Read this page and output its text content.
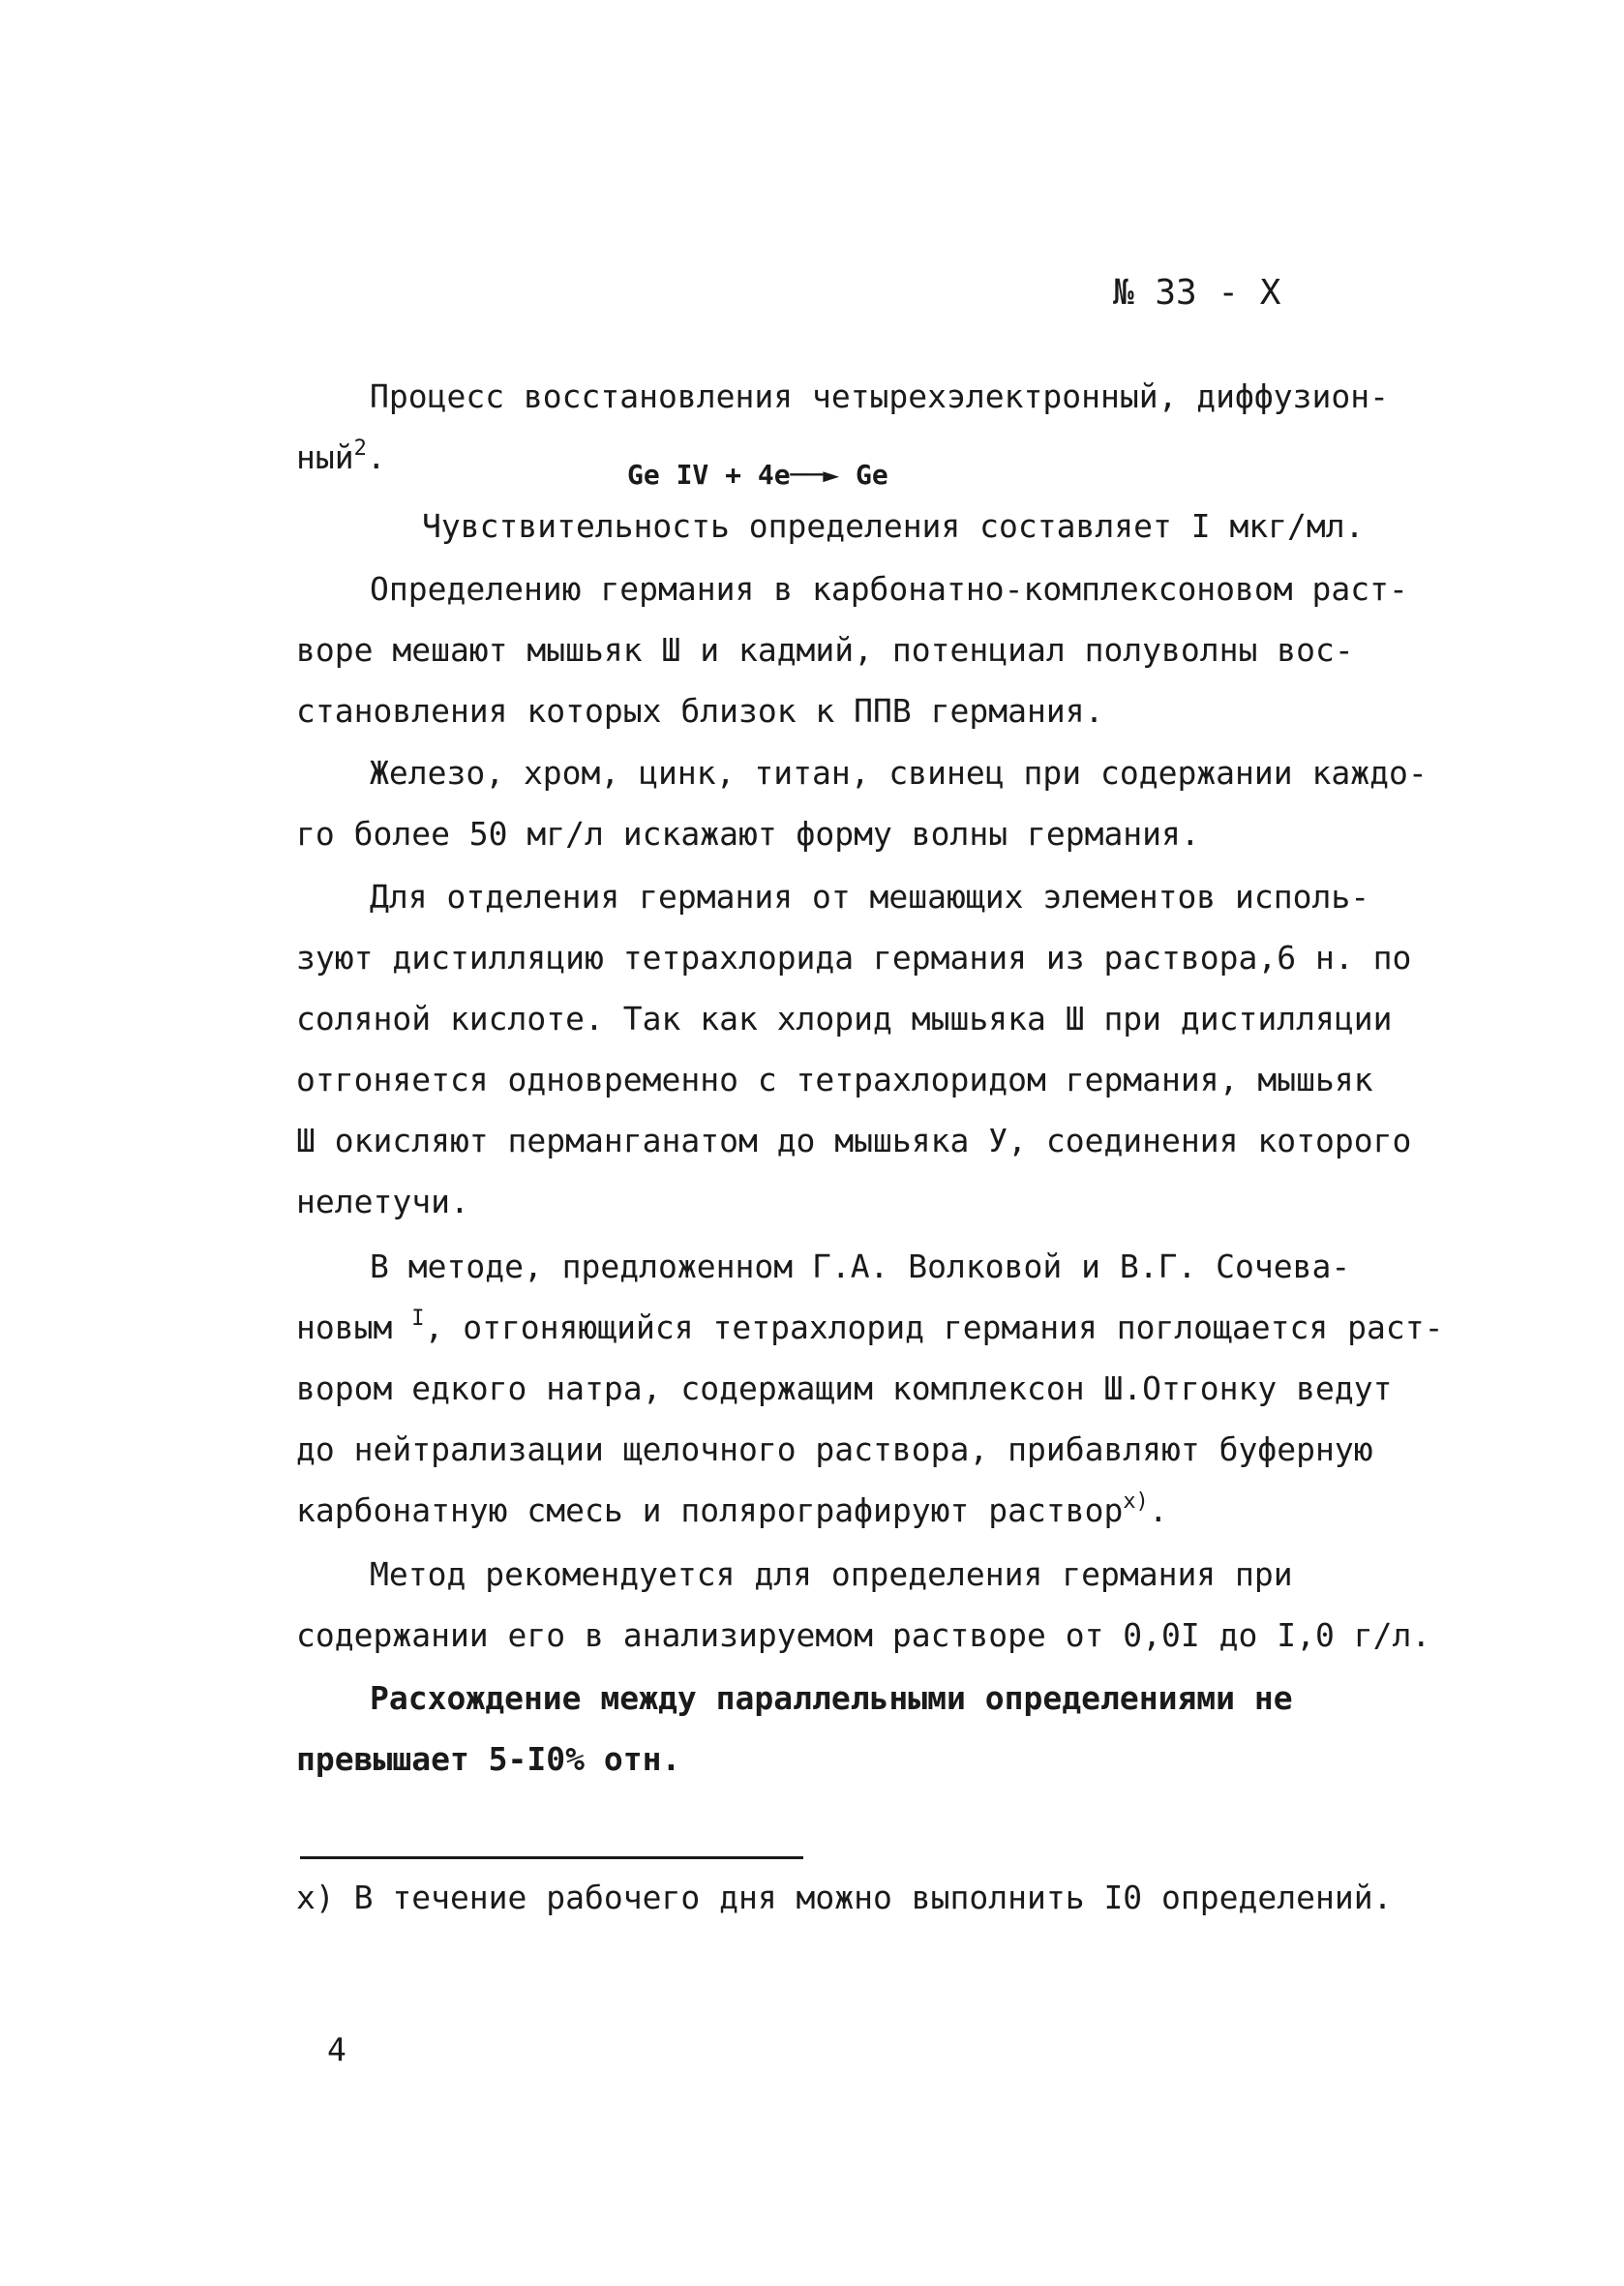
№ 33 - Х
Процесс восстановления четырехэлектронный, диффузион-
ный$^2$.	Ge IV + 4e──► Ge
Чувствительность определения составляет I мкг/мл.
Определению германия в карбонатно-комплексоновом раст-
воре мешают мышьяк Ш и кадмий, потенциал полуволны вос-
становления которых близок к ППВ германия.
Железо, хром, цинк, титан, свинец при содержании каждо-
го более 50 мг/л искажают форму волны германия.
Для отделения германия от мешающих элементов исполь-
зуют дистилляцию тетрахлорида германия из раствора,6 н. по
соляной кислоте. Так как хлорид мышьяка Ш при дистилляции
отгоняется одновременно с тетрахлоридом германия, мышьяк
Ш окисляют перманганатом до мышьяка У, соединения которого
нелетучи.
В методе, предложенном Г.А. Волковой и В.Г. Сочева-
новым $^I$, отгоняющийся тетрахлорид германия поглощается раст-
вором едкого натра, содержащим комплексон Ш.Отгонку ведут
до нейтрализации щелочного раствора, прибавляют буферную
карбонатную смесь и полярографируют раствор$^{х)}$.
Метод рекомендуется для определения германия при
содержании его в анализируемом растворе от 0,0I до I,0 г/л.
Расхождение между параллельными определениями не
превышает 5-I0% отн.
х) В течение рабочего дня можно выполнить I0 определений.
4
